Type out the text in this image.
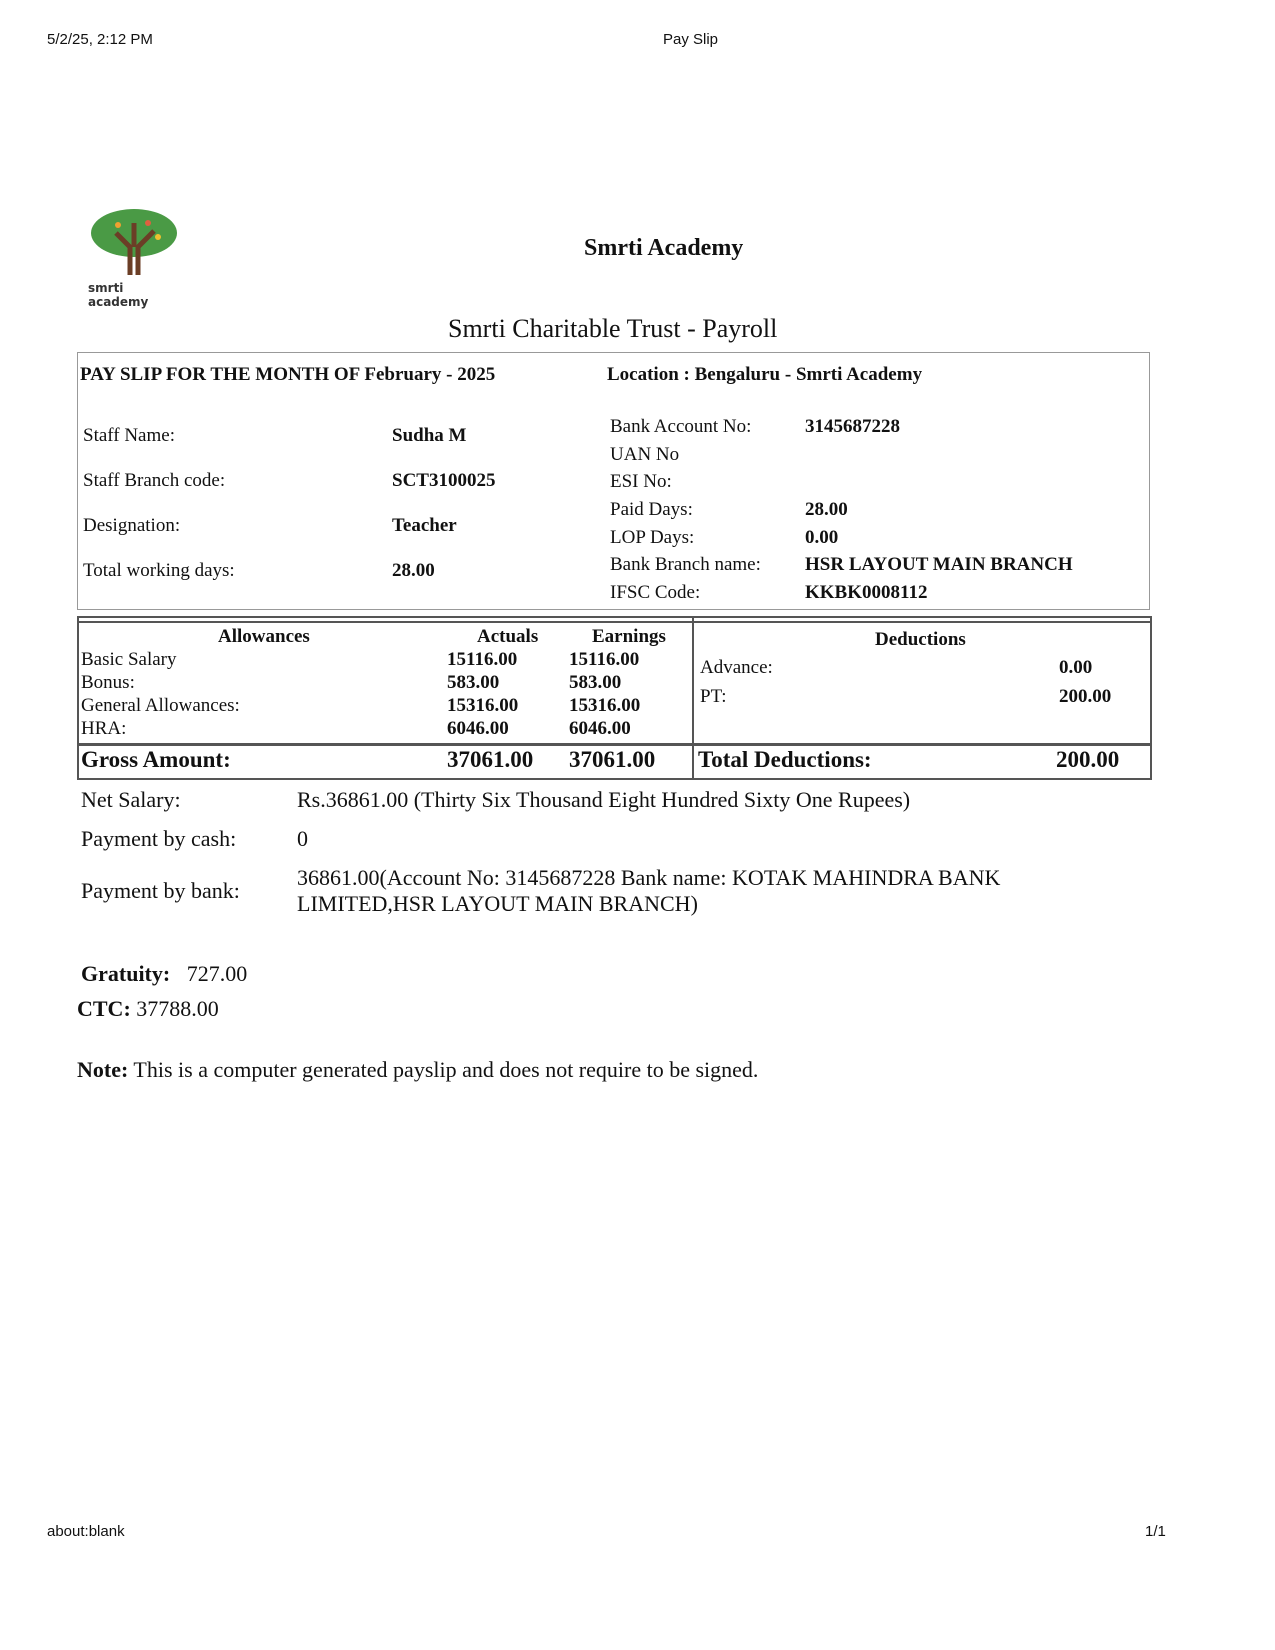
5/2/25, 2:12 PM	Pay Slip
about:blank	1/1
smrti academy
Smrti Academy
Smrti Charitable Trust - Payroll
PAY SLIP FOR THE MONTH OF February - 2025	Location : Bengaluru - Smrti Academy
Staff Name:	Sudha M
Staff Branch code:	SCT3100025
Designation:	Teacher
Total working days:	28.00
Bank Account No:	3145687228
UAN No
ESI No:
Paid Days:	28.00
LOP Days:	0.00
Bank Branch name: HSR LAYOUT MAIN BRANCH
IFSC Code:	KKBK0008112
Allowances	Actuals	Earnings	Deductions
Basic Salary	15116.00	15116.00
Bonus:	583.00	583.00
General Allowances:	15316.00	15316.00
HRA:	6046.00	6046.00
Advance:	0.00
PT:	200.00
Gross Amount:	37061.00 37061.00 Total Deductions:	200.00
Net Salary:	Rs.36861.00 (Thirty Six Thousand Eight Hundred Sixty One Rupees)
Payment by cash:	0
Payment by bank:
36861.00(Account No: 3145687228 Bank name: KOTAK MAHINDRA BANK LIMITED,HSR LAYOUT MAIN BRANCH)
Gratuity: 727.00
CTC: 37788.00
Note: This is a computer generated payslip and does not require to be signed.
